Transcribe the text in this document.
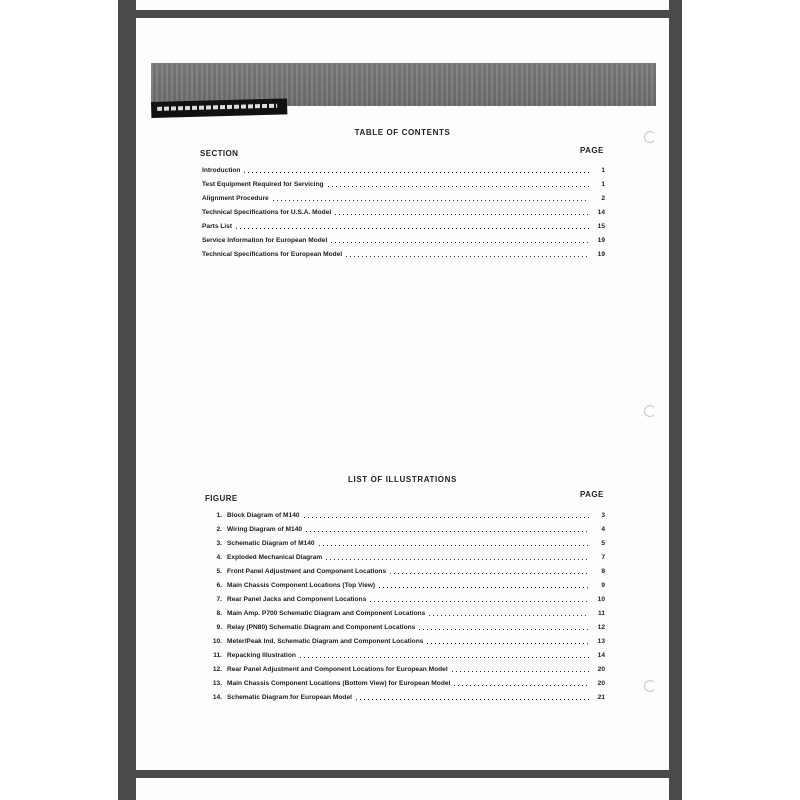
TABLE OF CONTENTS
SECTION	PAGE
Introduction	1
Test Equipment Required for Servicing	1
Alignment Procedure	2
Technical Specifications for U.S.A. Model	14
Parts List	15
Service Information for European Model	19
Technical Specifications for European Model	19
LIST OF ILLUSTRATIONS
FIGURE	PAGE
1. Block Diagram of M140	3
2. Wiring Diagram of M140	4
3. Schematic Diagram of M140	5
4. Exploded Mechanical Diagram	7
5. Front Panel Adjustment and Component Locations	8
6. Main Chassis Component Locations (Top View)	9
7. Rear Panel Jacks and Component Locations	10
8. Main Amp. P700 Schematic Diagram and Component Locations	11
9. Relay (PN80) Schematic Diagram and Component Locations	12
10. Meter/Peak Ind. Schematic Diagram and Component Locations	13
11. Repacking Illustration	14
12. Rear Panel Adjustment and Component Locations for European Model	20
13. Main Chassis Component Locations (Bottom View) for European Model	20
14. Schematic Diagram for European Model	21
